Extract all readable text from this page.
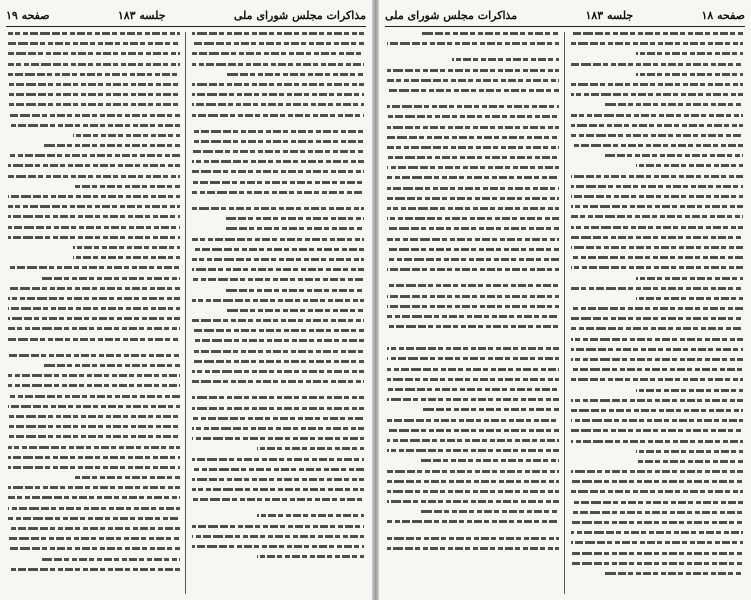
مذاکرات مجلس شورای ملی
جلسه ۱۸۳
صفحه ۱۹	صفحه ۱۸
جلسه ۱۸۳
مذاکرات مجلس شورای ملی
